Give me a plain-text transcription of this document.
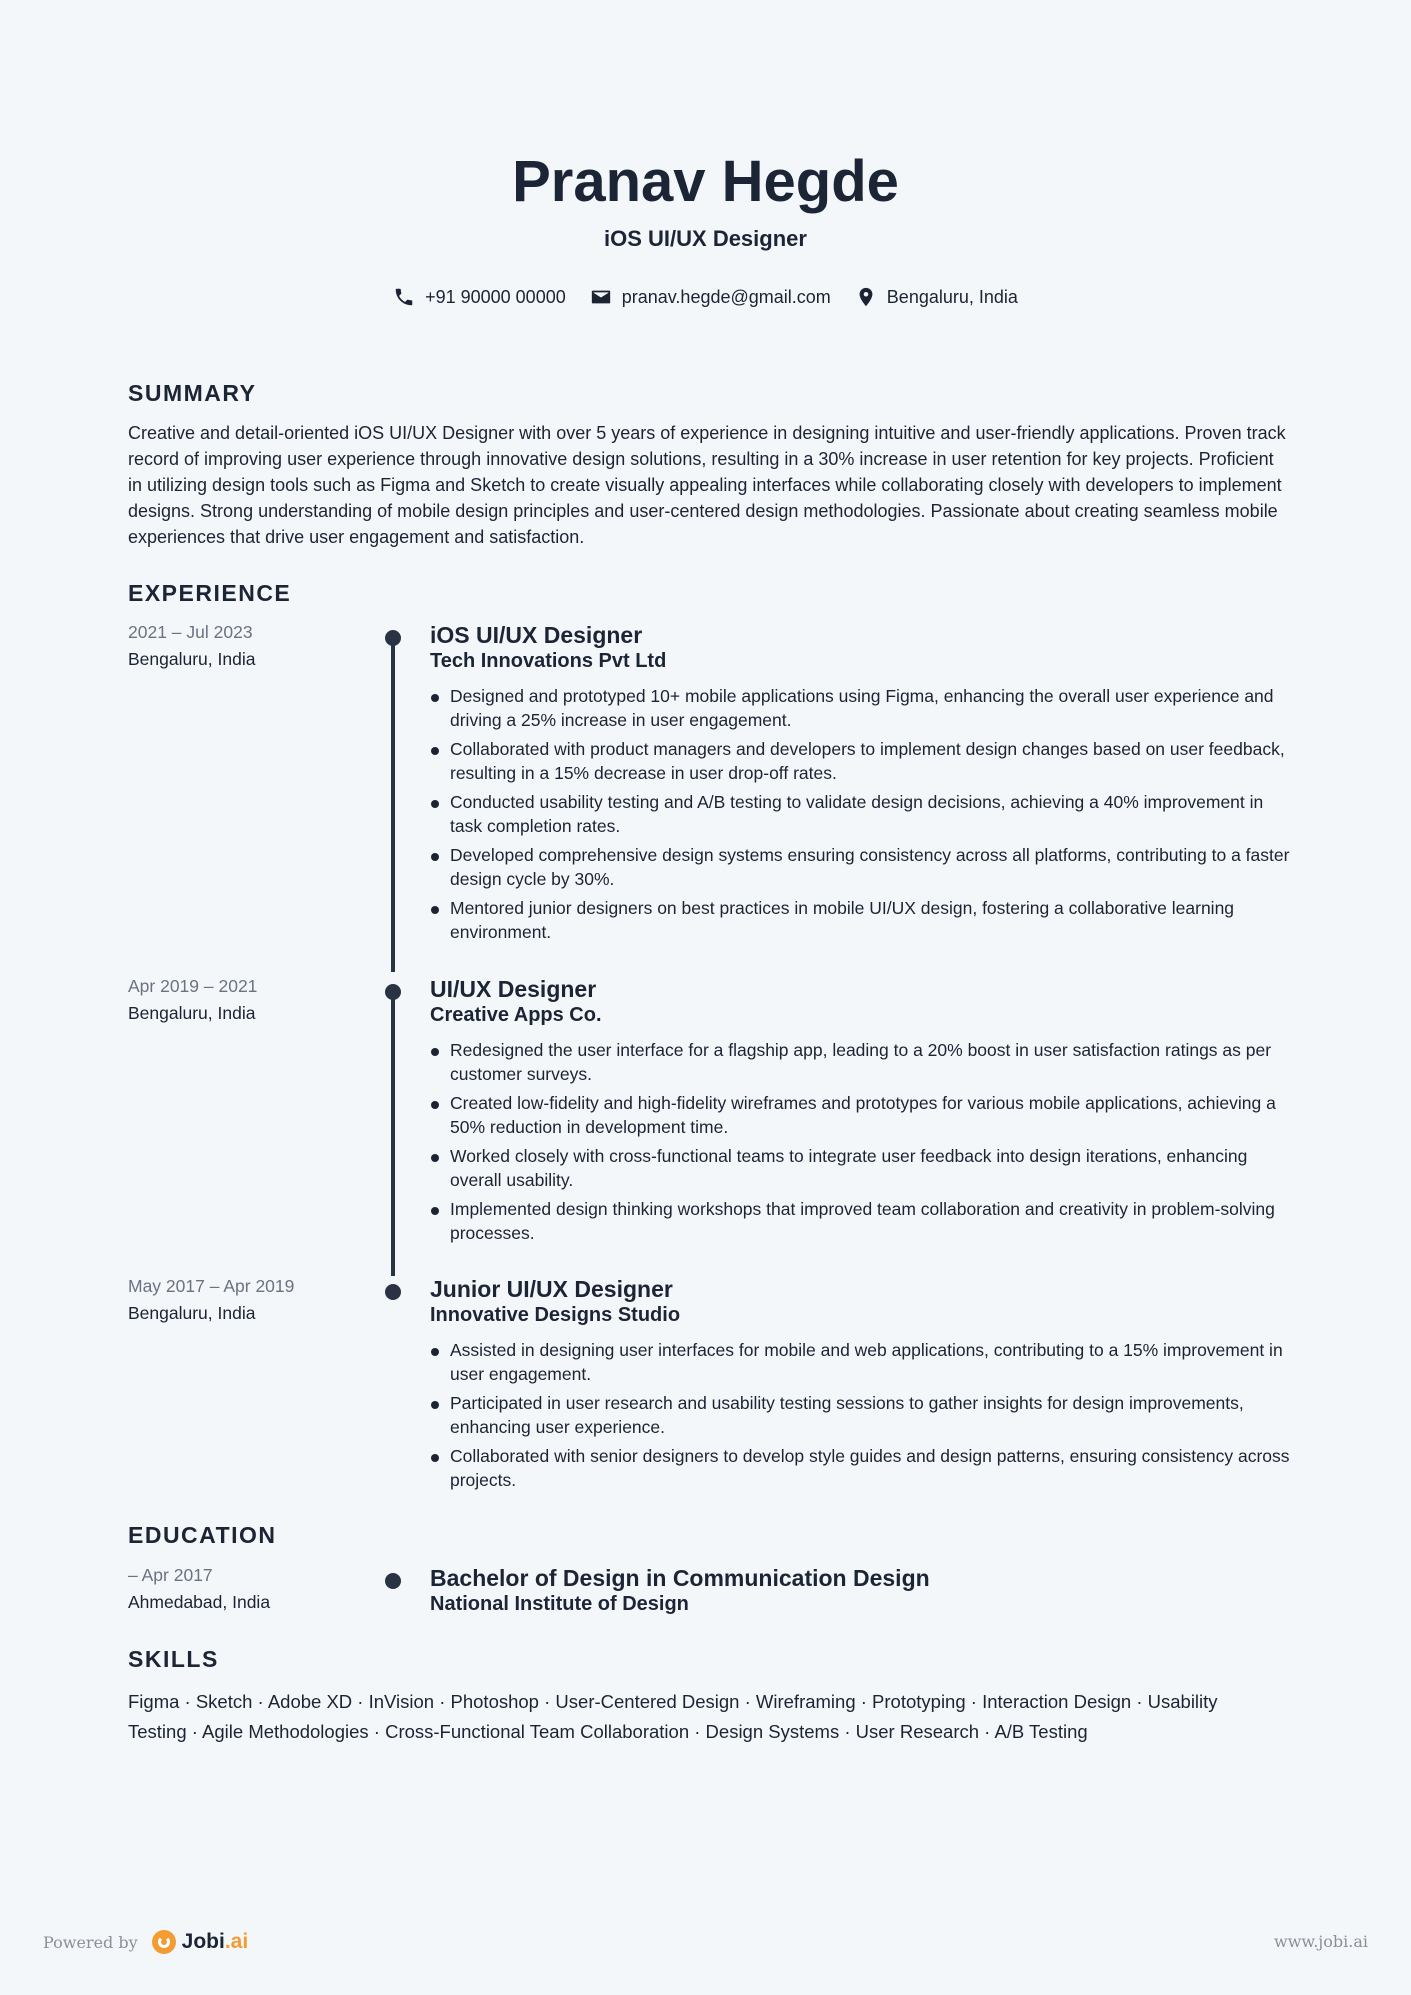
Pranav Hegde
iOS UI/UX Designer
+91 90000 00000	pranav.hegde@gmail.com	Bengaluru, India
SUMMARY

Creative and detail-oriented iOS UI/UX Designer with over 5 years of experience in designing intuitive and user-friendly applications. Proven track record of improving user experience through innovative design solutions, resulting in a 30% increase in user retention for key projects. Proficient in utilizing design tools such as Figma and Sketch to create visually appealing interfaces while collaborating closely with developers to implement designs. Strong understanding of mobile design principles and user-centered design methodologies. Passionate about creating seamless mobile experiences that drive user engagement and satisfaction.

EXPERIENCE
2021 – Jul 2023
Bengaluru, India
iOS UI/UX Designer
Tech Innovations Pvt Ltd
Designed and prototyped 10+ mobile applications using Figma, enhancing the overall user experience and driving a 25% increase in user engagement.
Collaborated with product managers and developers to implement design changes based on user feedback, resulting in a 15% decrease in user drop-off rates.
Conducted usability testing and A/B testing to validate design decisions, achieving a 40% improvement in task completion rates.
Developed comprehensive design systems ensuring consistency across all platforms, contributing to a faster design cycle by 30%.
Mentored junior designers on best practices in mobile UI/UX design, fostering a collaborative learning environment.
Apr 2019 – 2021
Bengaluru, India
UI/UX Designer
Creative Apps Co.
Redesigned the user interface for a flagship app, leading to a 20% boost in user satisfaction ratings as per customer surveys.
Created low-fidelity and high-fidelity wireframes and prototypes for various mobile applications, achieving a 50% reduction in development time.
Worked closely with cross-functional teams to integrate user feedback into design iterations, enhancing overall usability.
Implemented design thinking workshops that improved team collaboration and creativity in problem-solving processes.
May 2017 – Apr 2019
Bengaluru, India
Junior UI/UX Designer
Innovative Designs Studio
Assisted in designing user interfaces for mobile and web applications, contributing to a 15% improvement in user engagement.
Participated in user research and usability testing sessions to gather insights for design improvements, enhancing user experience.
Collaborated with senior designers to develop style guides and design patterns, ensuring consistency across projects.
EDUCATION
– Apr 2017
Ahmedabad, India
Bachelor of Design in Communication Design
National Institute of Design
SKILLS

Figma · Sketch · Adobe XD · InVision · Photoshop · User-Centered Design · Wireframing · Prototyping · Interaction Design · Usability Testing · Agile Methodologies · Cross-Functional Team Collaboration · Design Systems · User Research · A/B Testing

Powered by Jobi.ai	www.jobi.ai
